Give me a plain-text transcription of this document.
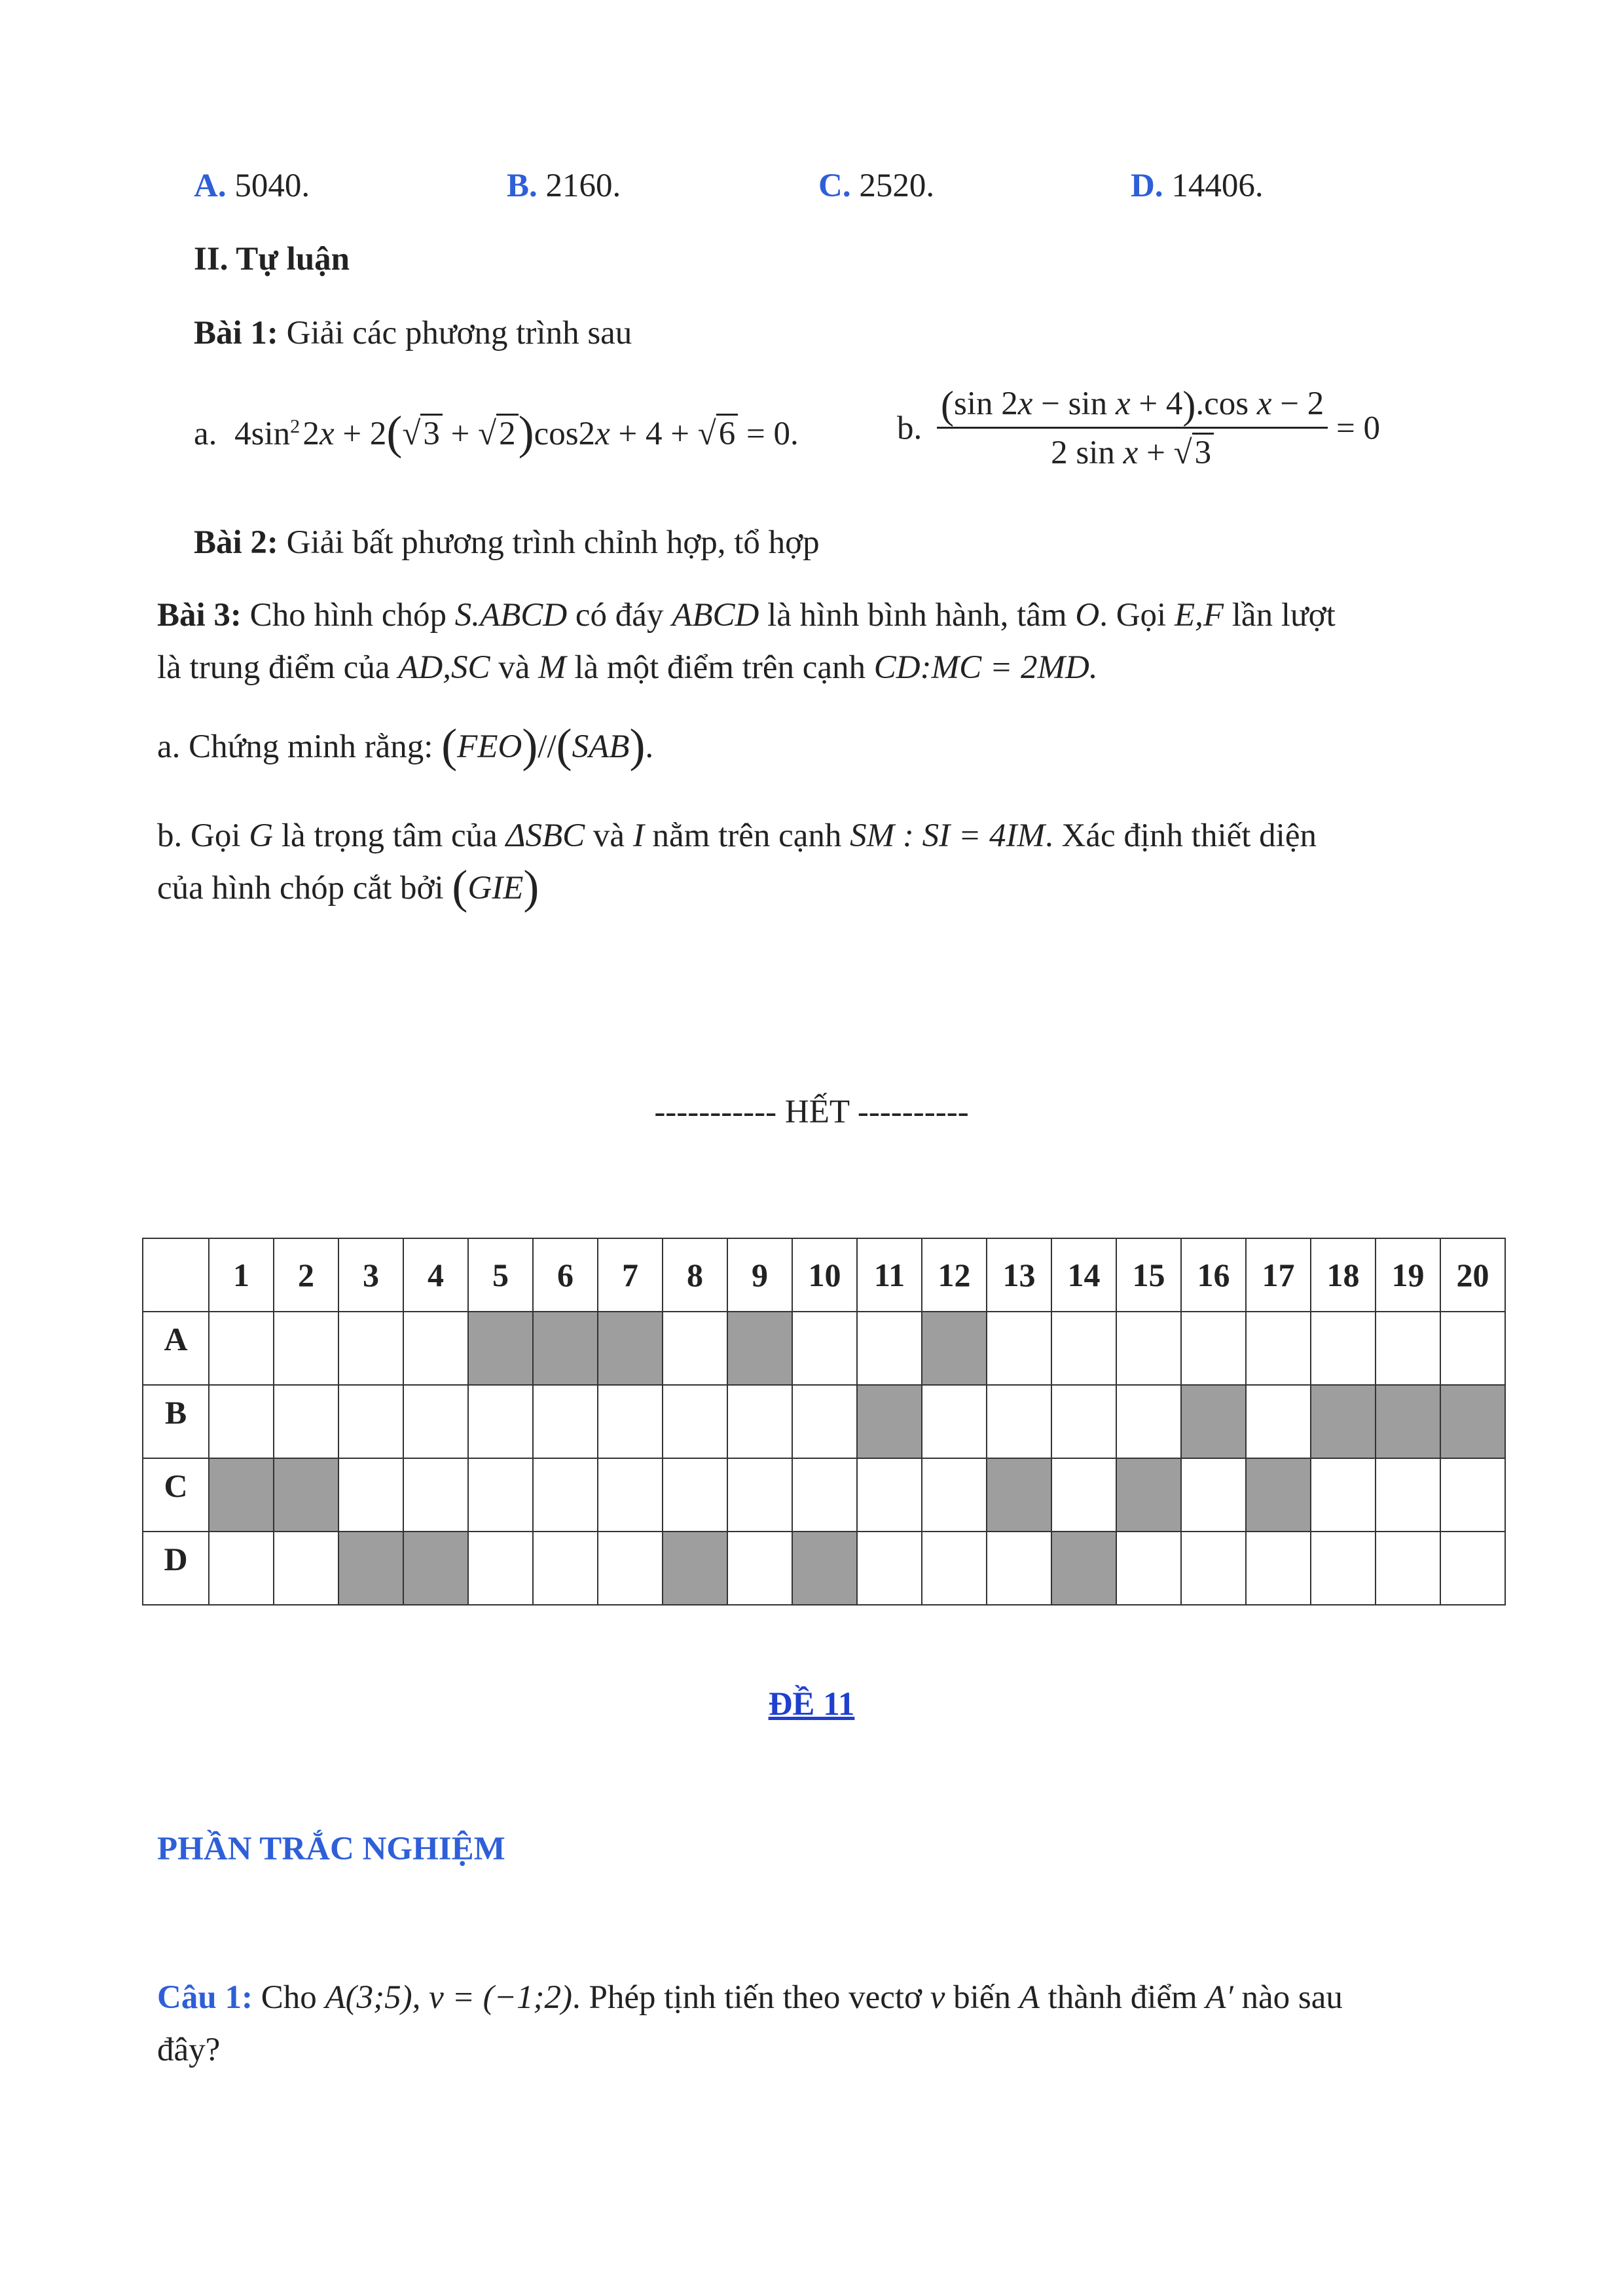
A. 5040.	B. 2160.	C. 2520.	D. 14406.
II. Tự luận
Bài 1: Giải các phương trình sau
a. $4\sin^2$ 2x + 2(√3 + √2)cos2x + 4 + √6 = 0.	b. $\frac{\text{(sin 2x − sin x + 4).cos x − 2}}{\text{2 sin x + √3}} = 0$
Bài 2: Giải bất phương trình chỉnh hợp, tổ hợp
Bài 3: Cho hình chóp S.ABCD có đáy ABCD là hình bình hành, tâm O. Gọi E,F lần lượt
là trung điểm của AD,SC và M là một điểm trên cạnh CD:MC = 2MD.
a. Chứng minh rằng: (FEO)//(SAB).
b. Gọi G là trọng tâm của ΔSBC và I nằm trên cạnh SM : SI = 4IM. Xác định thiết diện
của hình chóp cắt bởi (GIE)
----------- HẾT ----------
	1	2	3	4	5	6	7	8	9	10	11	12	13	14	15	16	17	18	19	20
A																				
B																				
C																				
D																				
ĐỀ 11
PHẦN TRẮC NGHIỆM
Câu 1: Cho A(3;5), v = (−1;2). Phép tịnh tiến theo vectơ v biến A thành điểm A′ nào sau
đây?
